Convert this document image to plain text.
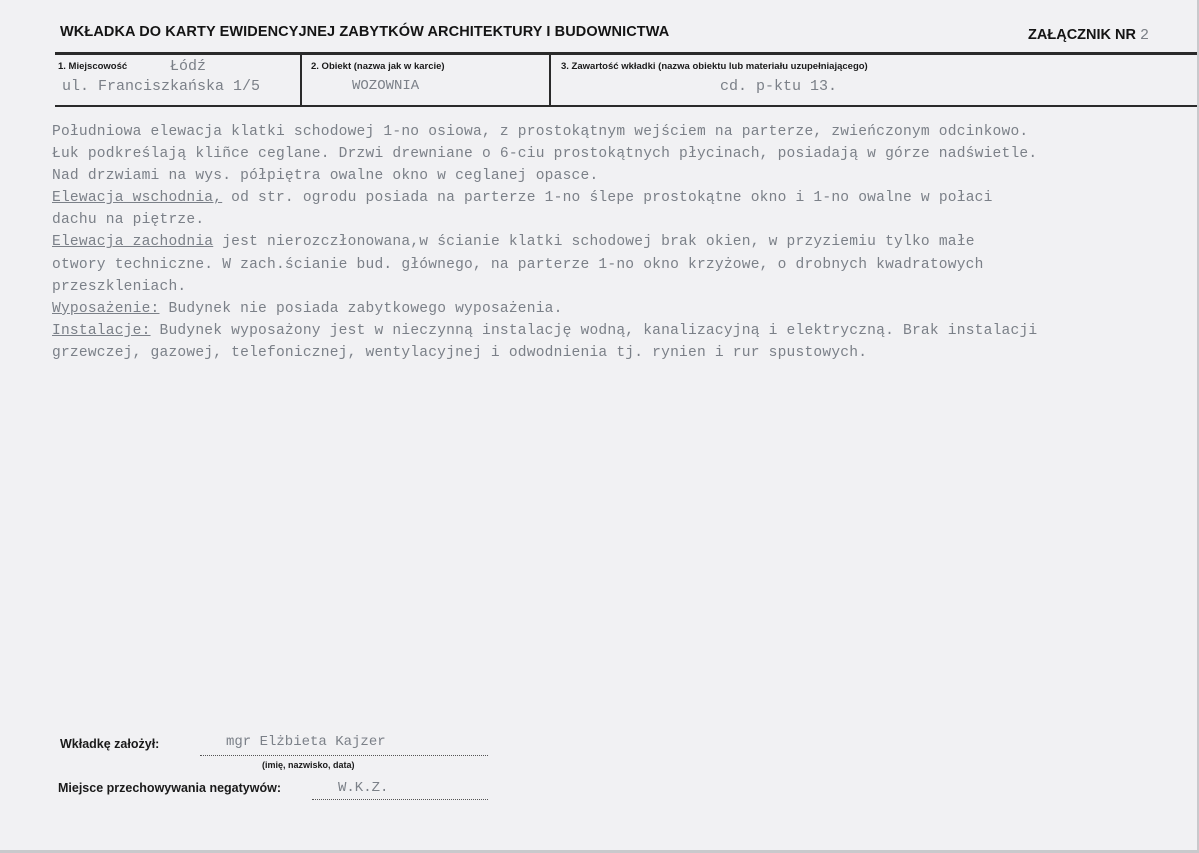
WKŁADKA DO KARTY EWIDENCYJNEJ ZABYTKÓW ARCHITEKTURY I BUDOWNICTWA	ZAŁĄCZNIK NR 2
1. Miejscowość	Łódź
ul. Franciszkańska 1/5
2. Obiekt (nazwa jak w karcie)
WOZOWNIA
3. Zawartość wkładki (nazwa obiektu lub materiału uzupełniającego)
cd. p-ktu 13.
Południowa elewacja klatki schodowej 1-no osiowa, z prostokątnym wejściem na parterze, zwieńczonym odcinkowo.
Łuk podkreślają kliñce ceglane. Drzwi drewniane o 6-ciu prostokątnych płycinach, posiadają w górze nadświetle.
Nad drzwiami na wys. półpiętra owalne okno w ceglanej opasce.
Elewacja wschodnia, od str. ogrodu posiada na parterze 1-no ślepe prostokątne okno i 1-no owalne w połaci
dachu na piętrze.
Elewacja zachodnia jest nierozczłonowana,w ścianie klatki schodowej brak okien, w przyziemiu tylko małe
otwory techniczne. W zach.ścianie bud. głównego, na parterze 1-no okno krzyżowe, o drobnych kwadratowych
przeszkleniach.
Wyposażenie: Budynek nie posiada zabytkowego wyposażenia.
Instalacje: Budynek wyposażony jest w nieczynną instalację wodną, kanalizacyjną i elektryczną. Brak instalacji
grzewczej, gazowej, telefonicznej, wentylacyjnej i odwodnienia tj. rynien i rur spustowych.
Wkładkę założył:	mgr Elżbieta Kajzer
(imię, nazwisko, data)
Miejsce przechowywania negatywów:	W.K.Z.
